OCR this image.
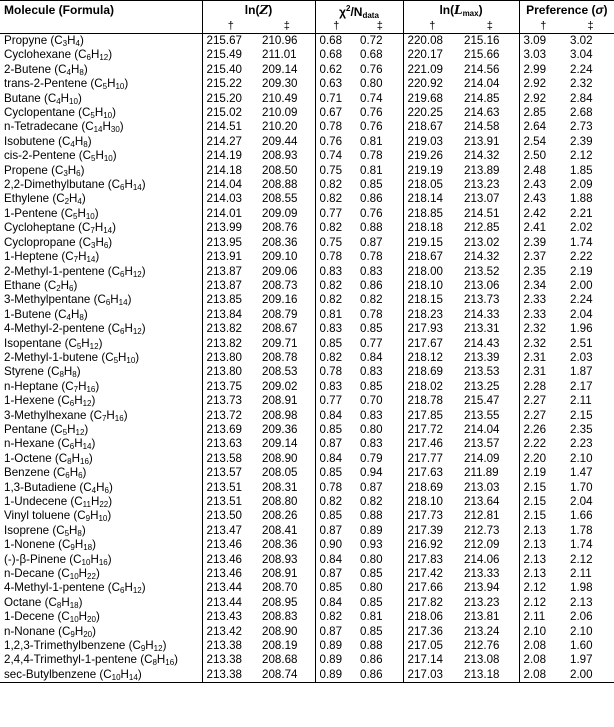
Molecule (Formula)	ln(Z)		$\chi^2/N_{data}$		$\ln(L_{max})$		Preference (σ)	
	†	‡	†	‡	†	‡	†	‡
Propyne $(C_3H_4)$	215.67	210.96	0.68	0.72	220.08	215.16	3.09	3.02
Cyclohexane $(C_6H_{12})$	215.49	211.01	0.68	0.68	220.17	215.66	3.03	3.04
2-Butene $(C_4H_8)$	215.40	209.14	0.62	0.76	221.09	214.56	2.99	2.24
trans-2-Pentene $(C_5H_{10})$	215.22	209.30	0.63	0.80	220.92	214.04	2.92	2.32
Butane $(C_4H_{10})$	215.20	210.49	0.71	0.74	219.68	214.85	2.92	2.84
Cyclopentane $(C_5H_{10})$	215.02	210.09	0.67	0.76	220.25	214.63	2.85	2.68
n-Tetradecane $(C_{14}H_{30})$	214.51	210.20	0.78	0.76	218.67	214.58	2.64	2.73
Isobutene $(C_4H_8)$	214.27	209.44	0.76	0.81	219.03	213.91	2.54	2.39
cis-2-Pentene $(C_5H_{10})$	214.19	208.93	0.74	0.78	219.26	214.32	2.50	2.12
Propene $(C_3H_6)$	214.18	208.50	0.75	0.81	219.19	213.89	2.48	1.85
2,2-Dimethylbutane $(C_6H_{14})$	214.04	208.88	0.82	0.85	218.05	213.23	2.43	2.09
Ethylene $(C_2H_4)$	214.03	208.55	0.82	0.86	218.14	213.07	2.43	1.88
1-Pentene $(C_5H_{10})$	214.01	209.09	0.77	0.76	218.85	214.51	2.42	2.21
Cycloheptane $(C_7H_{14})$	213.99	208.76	0.82	0.88	218.18	212.85	2.41	2.02
Cyclopropane $(C_3H_6)$	213.95	208.36	0.75	0.87	219.15	213.02	2.39	1.74
1-Heptene $(C_7H_{14})$	213.91	209.10	0.78	0.78	218.67	214.32	2.37	2.22
2-Methyl-1-pentene $(C_6H_{12})$	213.87	209.06	0.83	0.83	218.00	213.52	2.35	2.19
Ethane $(C_2H_6)$	213.87	208.73	0.82	0.86	218.10	213.06	2.34	2.00
3-Methylpentane $(C_6H_{14})$	213.85	209.16	0.82	0.82	218.15	213.73	2.33	2.24
1-Butene $(C_4H_8)$	213.84	208.79	0.81	0.78	218.23	214.33	2.33	2.04
4-Methyl-2-pentene $(C_6H_{12})$	213.82	208.67	0.83	0.85	217.93	213.31	2.32	1.96
Isopentane $(C_5H_{12})$	213.82	209.71	0.85	0.77	217.67	214.43	2.32	2.51
2-Methyl-1-butene $(C_5H_{10})$	213.80	208.78	0.82	0.84	218.12	213.39	2.31	2.03
Styrene $(C_8H_8)$	213.80	208.53	0.78	0.83	218.69	213.53	2.31	1.87
n-Heptane $(C_7H_{16})$	213.75	209.02	0.83	0.85	218.02	213.25	2.28	2.17
1-Hexene $(C_6H_{12})$	213.73	208.91	0.77	0.70	218.78	215.47	2.27	2.11
3-Methylhexane $(C_7H_{16})$	213.72	208.98	0.84	0.83	217.85	213.55	2.27	2.15
Pentane $(C_5H_{12})$	213.69	209.36	0.85	0.80	217.72	214.04	2.26	2.35
n-Hexane $(C_6H_{14})$	213.63	209.14	0.87	0.83	217.46	213.57	2.22	2.23
1-Octene $(C_8H_{16})$	213.58	208.90	0.84	0.79	217.77	214.09	2.20	2.10
Benzene $(C_6H_6)$	213.57	208.05	0.85	0.94	217.63	211.89	2.19	1.47
1,3-Butadiene $(C_4H_6)$	213.51	208.31	0.78	0.87	218.69	213.03	2.15	1.70
1-Undecene $(C_{11}H_{22})$	213.51	208.80	0.82	0.82	218.10	213.64	2.15	2.04
Vinyl toluene $(C_9H_{10})$	213.50	208.26	0.85	0.88	217.73	212.81	2.15	1.66
Isoprene $(C_5H_8)$	213.47	208.41	0.87	0.89	217.39	212.73	2.13	1.78
1-Nonene $(C_9H_{18})$	213.46	208.36	0.90	0.93	216.92	212.09	2.13	1.74
(-)-β-Pinene $(C_{10}H_{16})$	213.46	208.93	0.84	0.80	217.83	214.06	2.13	2.12
n-Decane $(C_{10}H_{22})$	213.46	208.91	0.87	0.85	217.42	213.33	2.13	2.11
4-Methyl-1-pentene $(C_6H_{12})$	213.44	208.70	0.85	0.80	217.66	213.94	2.12	1.98
Octane $(C_8H_{18})$	213.44	208.95	0.84	0.85	217.82	213.23	2.12	2.13
1-Decene $(C_{10}H_{20})$	213.43	208.83	0.82	0.81	218.06	213.81	2.11	2.06
n-Nonane $(C_9H_{20})$	213.42	208.90	0.87	0.85	217.36	213.24	2.10	2.10
1,2,3-Trimethylbenzene $(C_9H_{12})$	213.38	208.19	0.89	0.88	217.05	212.76	2.08	1.60
2,4,4-Trimethyl-1-pentene $(C_8H_{16})$	213.38	208.68	0.89	0.86	217.14	213.08	2.08	1.97
sec-Butylbenzene $(C_{10}H_{14})$	213.38	208.74	0.89	0.86	217.03	213.18	2.08	2.00
